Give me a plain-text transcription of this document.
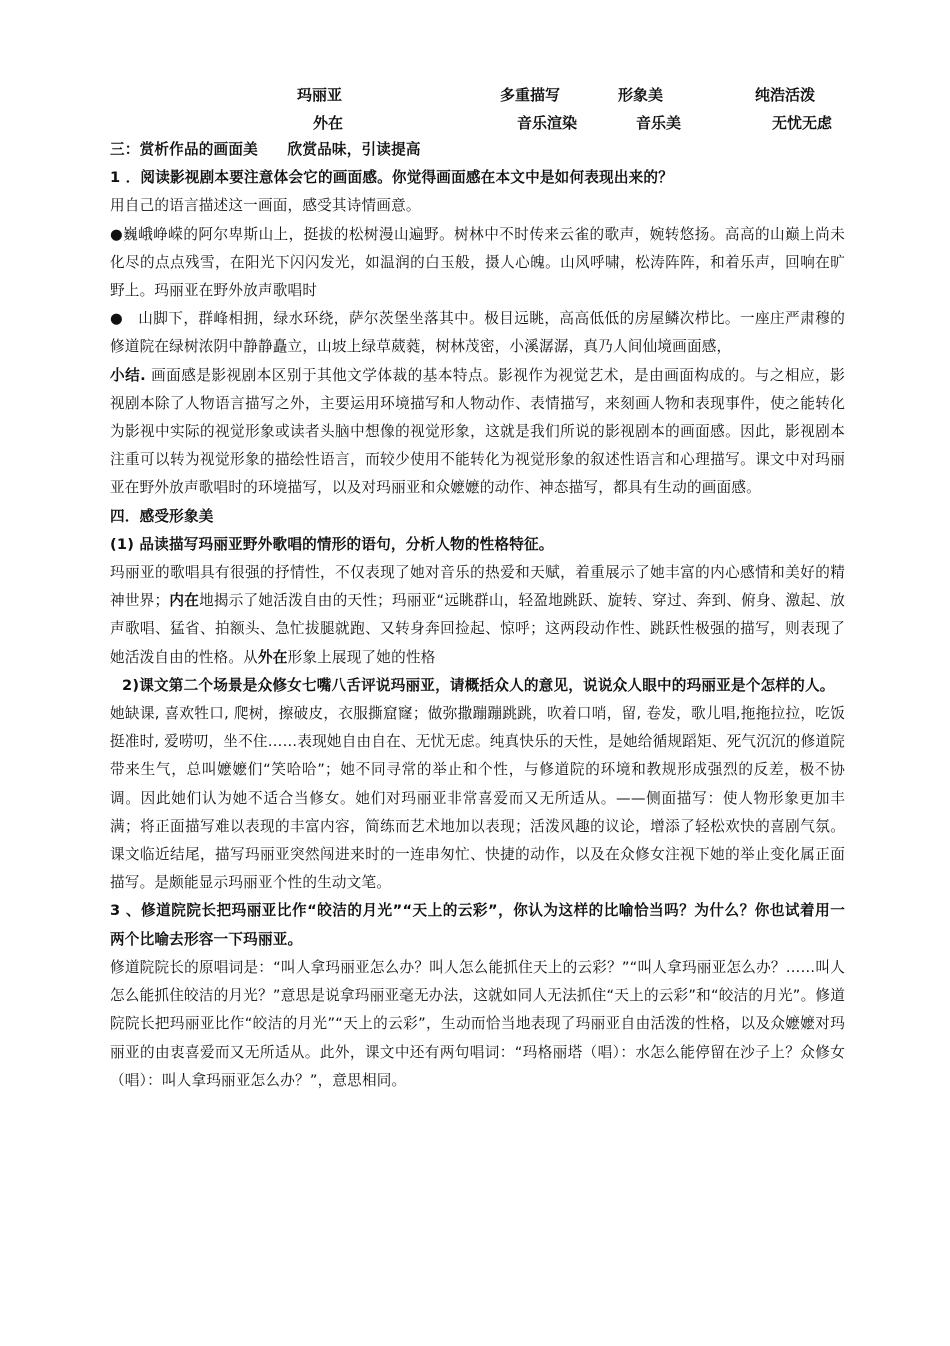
玛丽亚	多重描写	形象美	纯浩活泼
外在	音乐渲染	音乐美	无忧无虑

三：赏析作品的画面美　　欣赏品味，引读提高

1 ．阅读影视剧本要注意体会它的画面感。你觉得画面感在本文中是如何表现出来的？

用自己的语言描述这一画面，感受其诗情画意。

●巍峨峥嵘的阿尔卑斯山上，挺拔的松树漫山遍野。树林中不时传来云雀的歌声，婉转悠扬。高高的山巅上尚未化尽的点点残雪，在阳光下闪闪发光，如温润的白玉般，摄人心魄。山风呼啸，松涛阵阵，和着乐声，回响在旷野上。玛丽亚在野外放声歌唱时

●　山脚下，群峰相拥，绿水环绕，萨尔茨堡坐落其中。极目远眺，高高低低的房屋鳞次栉比。一座庄严肃穆的修道院在绿树浓阴中静静矗立，山坡上绿草葳蕤，树林茂密，小溪潺潺，真乃人间仙境画面感，

小结. 画面感是影视剧本区别于其他文学体裁的基本特点。影视作为视觉艺术，是由画面构成的。与之相应，影视剧本除了人物语言描写之外，主要运用环境描写和人物动作、表情描写，来刻画人物和表现事件，使之能转化为影视中实际的视觉形象或读者头脑中想像的视觉形象，这就是我们所说的影视剧本的画面感。因此，影视剧本注重可以转为视觉形象的描绘性语言，而较少使用不能转化为视觉形象的叙述性语言和心理描写。课文中对玛丽亚在野外放声歌唱时的环境描写，以及对玛丽亚和众嬷嬷的动作、神态描写，都具有生动的画面感。

四．感受形象美

(1) 品读描写玛丽亚野外歌唱的情形的语句，分析人物的性格特征。

玛丽亚的歌唱具有很强的抒情性，不仅表现了她对音乐的热爱和天赋，着重展示了她丰富的内心感情和美好的精神世界；内在地揭示了她活泼自由的天性；玛丽亚“远眺群山，轻盈地跳跃、旋转、穿过、奔到、俯身、激起、放声歌唱、猛省、拍额头、急忙拔腿就跑、又转身奔回捡起、惊呼；这两段动作性、跳跃性极强的描写，则表现了她活泼自由的性格。从外在形象上展现了她的性格

2)课文第二个场景是众修女七嘴八舌评说玛丽亚，请概括众人的意见，说说众人眼中的玛丽亚是个怎样的人。

她缺课, 喜欢牲口, 爬树，擦破皮，衣服撕窟窿；做弥撒蹦蹦跳跳，吹着口哨，留, 卷发，歌儿唱,拖拖拉拉，吃饭挺准时, 爱唠叨，坐不住……表现她自由自在、无忧无虑。纯真快乐的天性，是她给循规蹈矩、死气沉沉的修道院带来生气，总叫嬷嬷们“笑哈哈”；她不同寻常的举止和个性，与修道院的环境和教规形成强烈的反差，极不协调。因此她们认为她不适合当修女。她们对玛丽亚非常喜爱而又无所适从。——侧面描写：使人物形象更加丰满；将正面描写难以表现的丰富内容，简练而艺术地加以表现；活泼风趣的议论，增添了轻松欢快的喜剧气氛。课文临近结尾，描写玛丽亚突然闯进来时的一连串匆忙、快捷的动作，以及在众修女注视下她的举止变化属正面描写。是颇能显示玛丽亚个性的生动文笔。

3 、修道院院长把玛丽亚比作“皎洁的月光”“天上的云彩”，你认为这样的比喻恰当吗？为什么？你也试着用一两个比喻去形容一下玛丽亚。

修道院院长的原唱词是：“叫人拿玛丽亚怎么办？叫人怎么能抓住天上的云彩？”“叫人拿玛丽亚怎么办？……叫人怎么能抓住皎洁的月光？”意思是说拿玛丽亚毫无办法，这就如同人无法抓住“天上的云彩”和“皎洁的月光”。修道院院长把玛丽亚比作“皎洁的月光”“天上的云彩”，生动而恰当地表现了玛丽亚自由活泼的性格，以及众嬷嬷对玛丽亚的由衷喜爱而又无所适从。此外，课文中还有两句唱词：“玛格丽塔（唱）：水怎么能停留在沙子上？众修女（唱）：叫人拿玛丽亚怎么办？”，意思相同。
